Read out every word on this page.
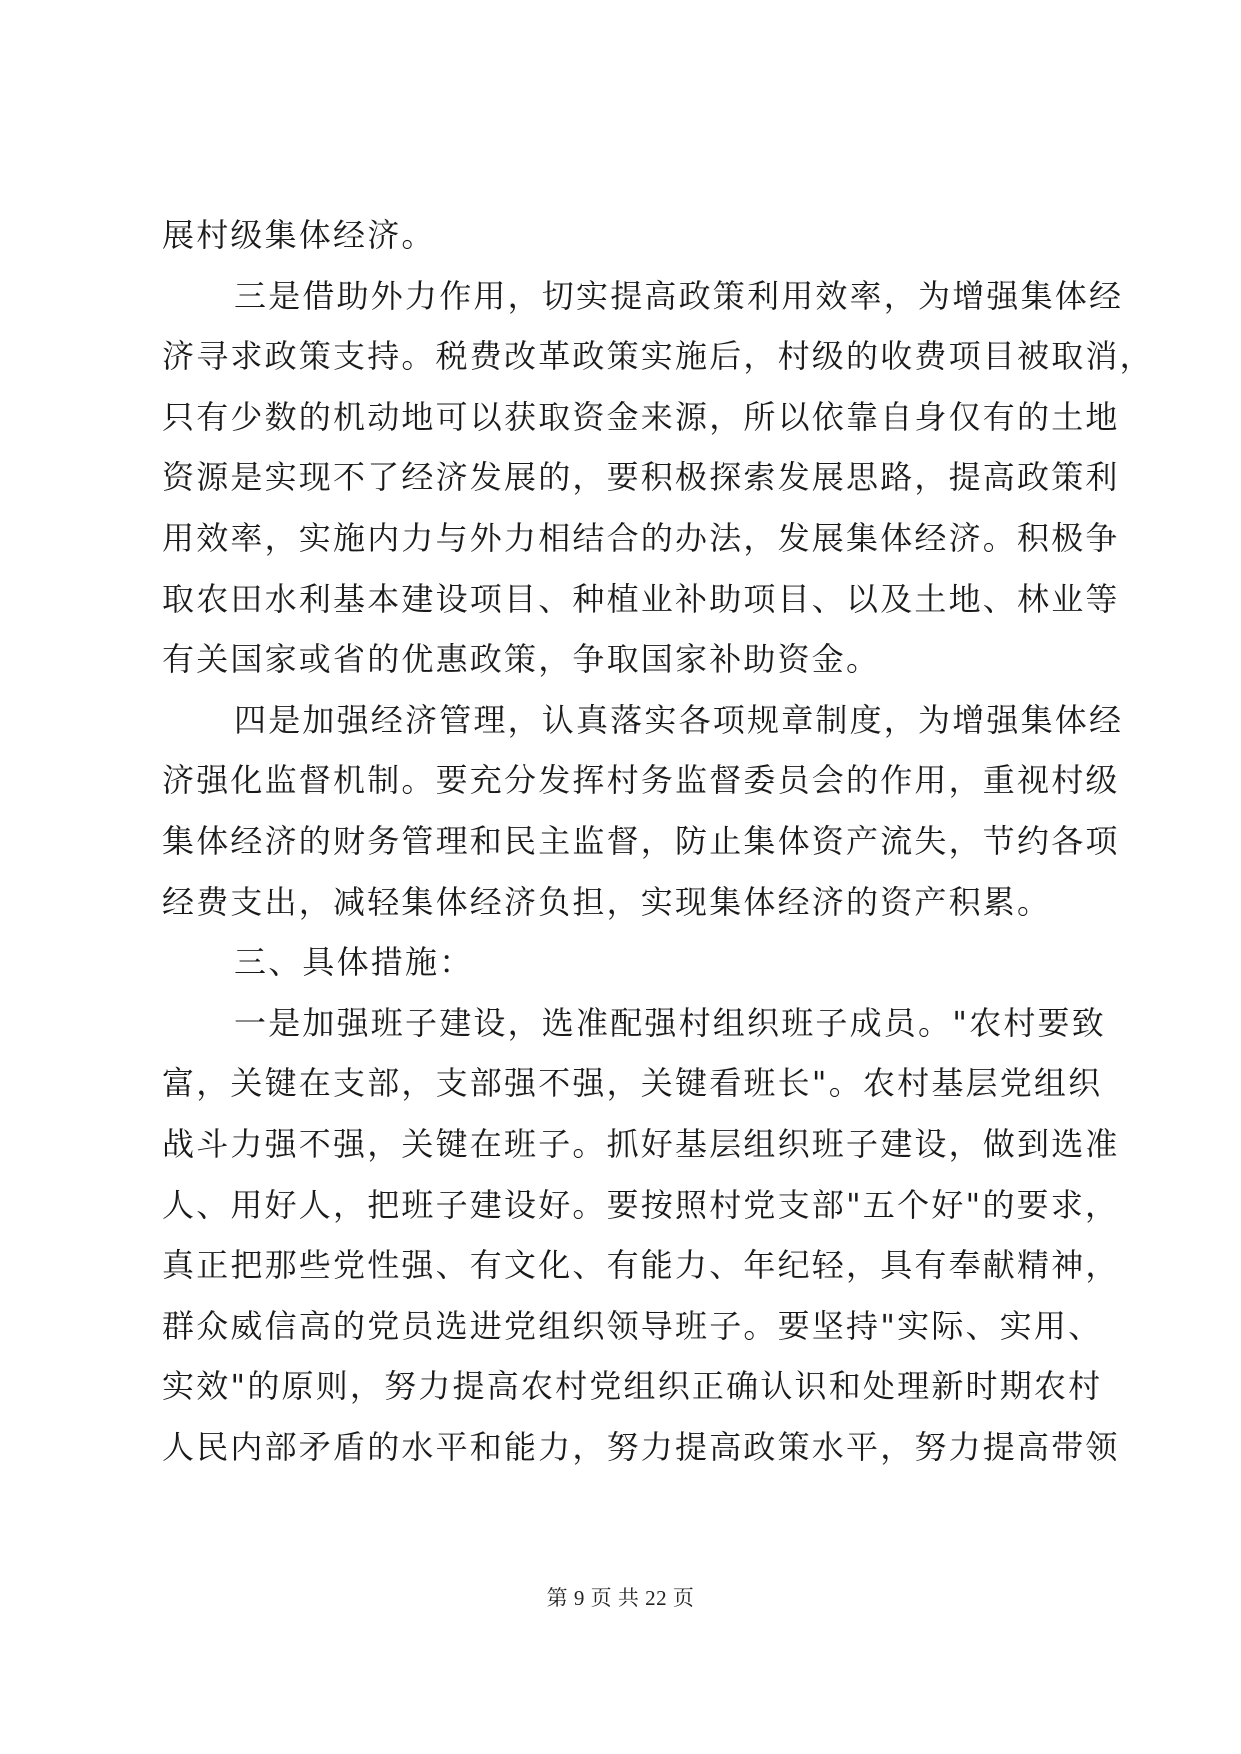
展村级集体经济。
三是借助外力作用，切实提高政策利用效率，为增强集体经
济寻求政策支持。税费改革政策实施后，村级的收费项目被取消，
只有少数的机动地可以获取资金来源，所以依靠自身仅有的土地
资源是实现不了经济发展的，要积极探索发展思路，提高政策利
用效率，实施内力与外力相结合的办法，发展集体经济。积极争
取农田水利基本建设项目、种植业补助项目、以及土地、林业等
有关国家或省的优惠政策，争取国家补助资金。
四是加强经济管理，认真落实各项规章制度，为增强集体经
济强化监督机制。要充分发挥村务监督委员会的作用，重视村级
集体经济的财务管理和民主监督，防止集体资产流失，节约各项
经费支出，减轻集体经济负担，实现集体经济的资产积累。
三、具体措施：
一是加强班子建设，选准配强村组织班子成员。"农村要致
富，关键在支部，支部强不强，关键看班长"。农村基层党组织
战斗力强不强，关键在班子。抓好基层组织班子建设，做到选准
人、用好人，把班子建设好。要按照村党支部"五个好"的要求，
真正把那些党性强、有文化、有能力、年纪轻，具有奉献精神，
群众威信高的党员选进党组织领导班子。要坚持"实际、实用、
实效"的原则，努力提高农村党组织正确认识和处理新时期农村
人民内部矛盾的水平和能力，努力提高政策水平，努力提高带领
第 9 页 共 22 页
